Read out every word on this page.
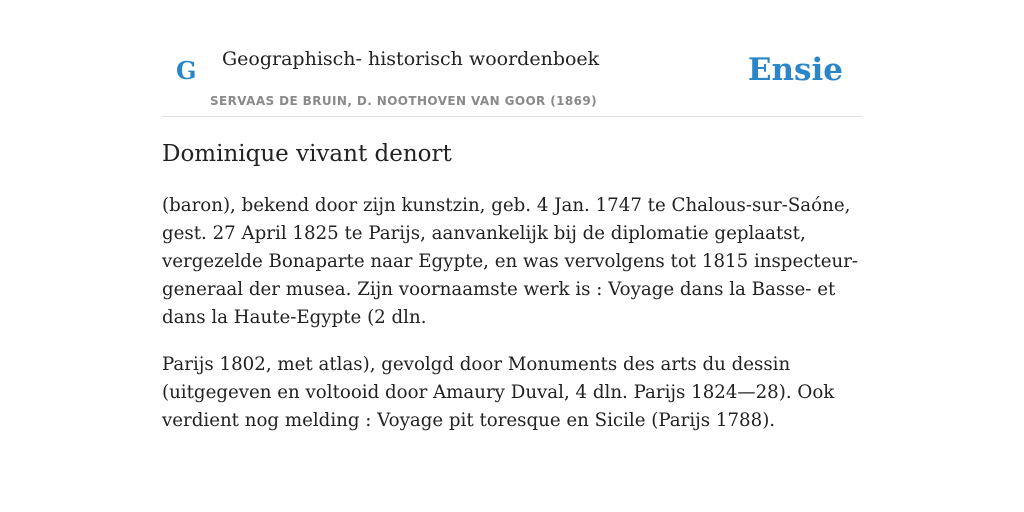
G Geographisch- historisch woordenboek
SERVAAS DE BRUIN, D. NOOTHOVEN VAN GOOR (1869)
Ensie
Dominique vivant denort

(baron), bekend door zijn kunstzin, geb. 4 Jan. 1747 te Chalous-sur-Saóne, gest. 27 April 1825 te Parijs, aanvankelijk bij de diplomatie geplaatst, vergezelde Bonaparte naar Egypte, en was vervolgens tot 1815 inspecteur-generaal der musea. Zijn voornaamste werk is : Voyage dans la Basse- et dans la Haute-Egypte (2 dln.

Parijs 1802, met atlas), gevolgd door Monuments des arts du dessin (uitgegeven en voltooid door Amaury Duval, 4 dln. Parijs 1824—28). Ook verdient nog melding : Voyage pit toresque en Sicile (Parijs 1788).
